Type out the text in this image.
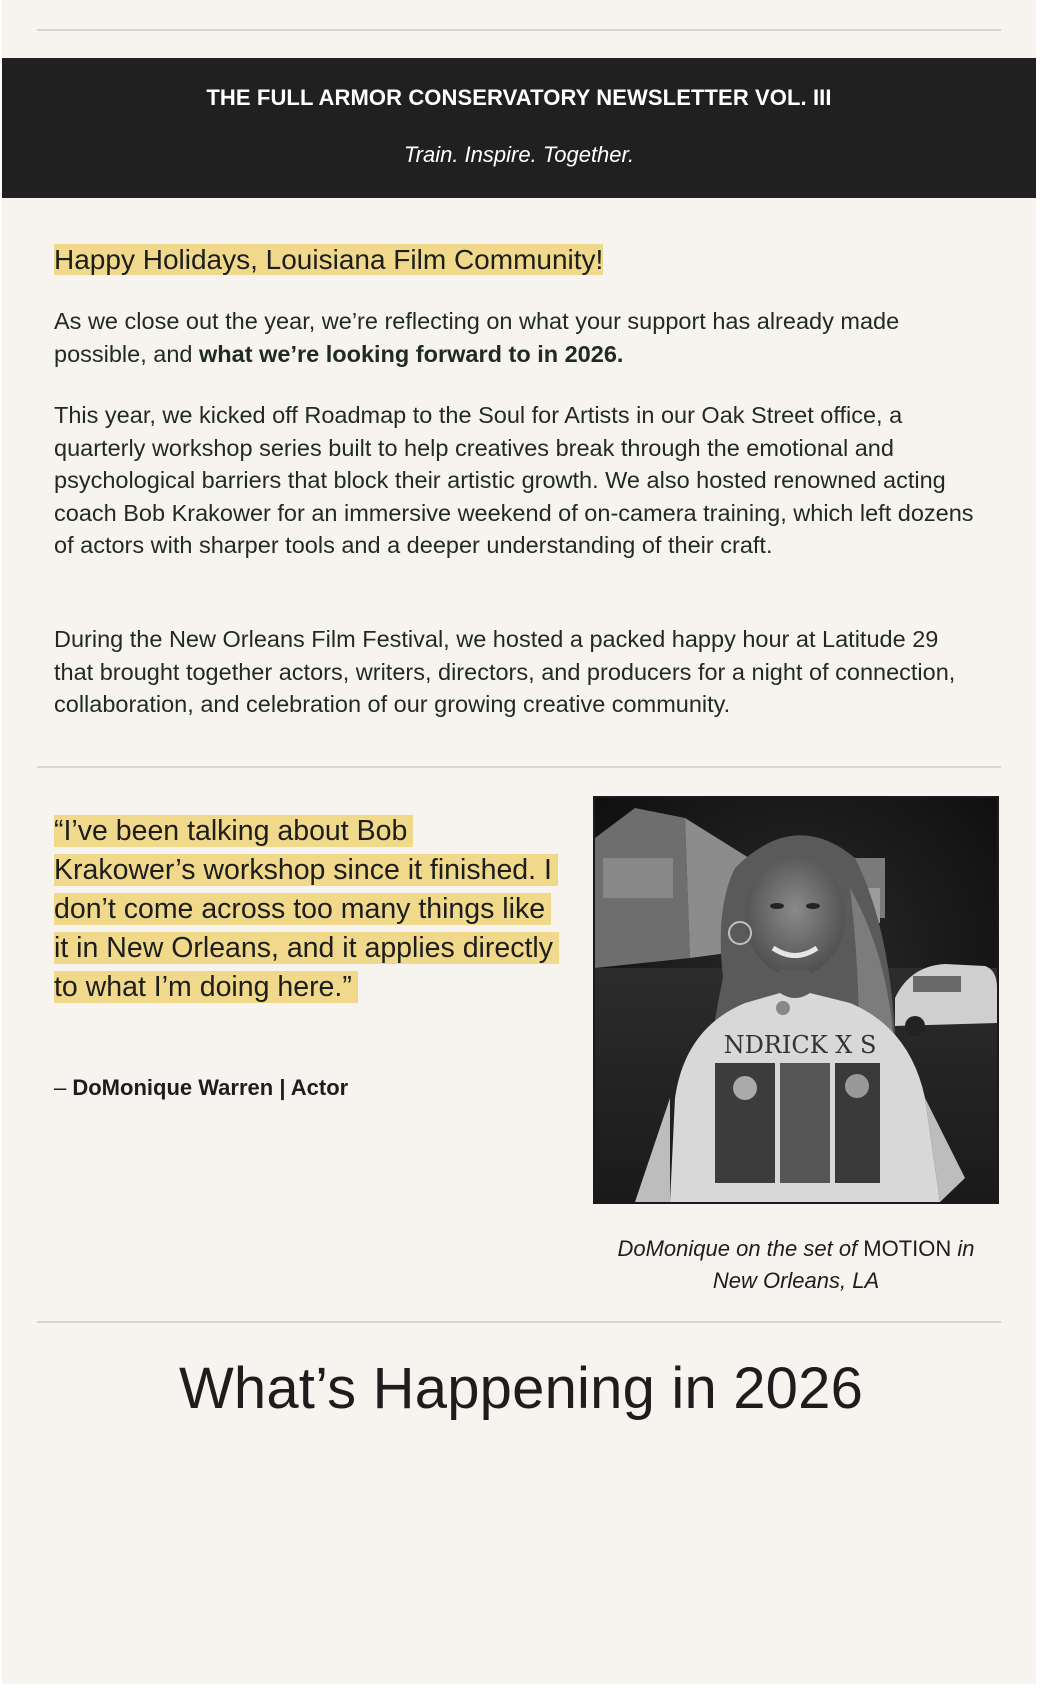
THE FULL ARMOR CONSERVATORY NEWSLETTER VOL. III
Train. Inspire. Together.
Happy Holidays, Louisiana Film Community!
As we close out the year, we’re reflecting on what your support has already made possible, and what we’re looking forward to in 2026.
This year, we kicked off Roadmap to the Soul for Artists in our Oak Street office, a quarterly workshop series built to help creatives break through the emotional and psychological barriers that block their artistic growth. We also hosted renowned acting coach Bob Krakower for an immersive weekend of on-camera training, which left dozens of actors with sharper tools and a deeper understanding of their craft.
During the New Orleans Film Festival, we hosted a packed happy hour at Latitude 29 that brought together actors, writers, directors, and producers for a night of connection, collaboration, and celebration of our growing creative community.
“I’ve been talking about Bob Krakower’s workshop since it finished. I don’t come across too many things like it in New Orleans, and it applies directly to what I’m doing here.”
– DoMonique Warren | Actor
NDRICK X S
DoMonique on the set of MOTION in New Orleans, LA
What’s Happening in 2026
